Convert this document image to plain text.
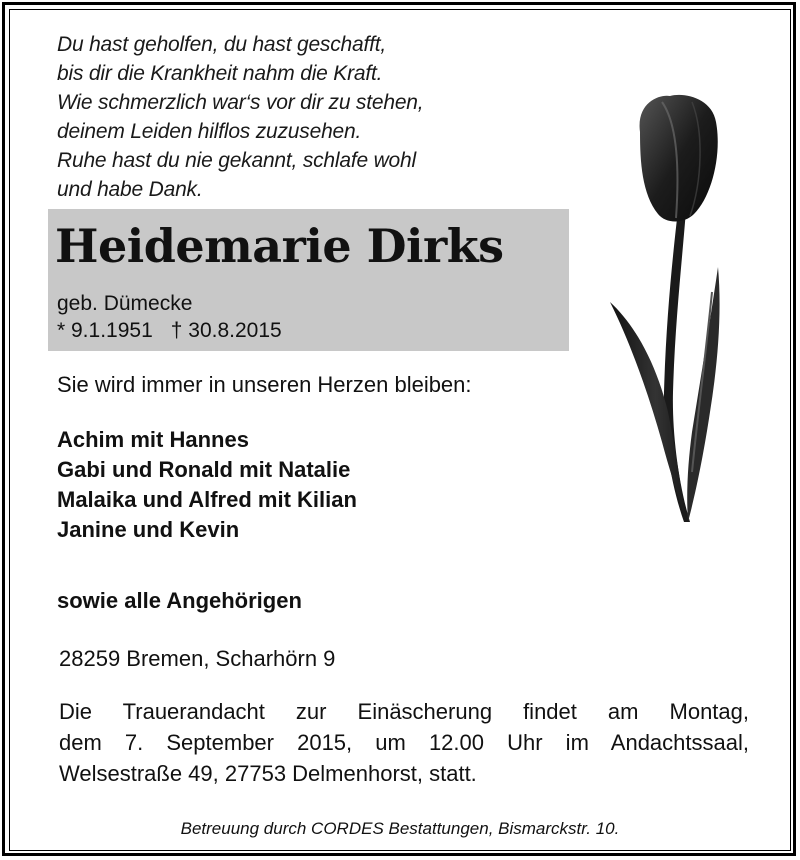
Du hast geholfen, du hast geschafft,
bis dir die Krankheit nahm die Kraft.
Wie schmerzlich war‘s vor dir zu stehen,
deinem Leiden hilflos zuzusehen.
Ruhe hast du nie gekannt, schlafe wohl
und habe Dank.
Heidemarie Dirks
geb. Dümecke
* 9.1.1951 † 30.8.2015
Sie wird immer in unseren Herzen bleiben:
Achim mit Hannes
Gabi und Ronald mit Natalie
Malaika und Alfred mit Kilian
Janine und Kevin
sowie alle Angehörigen
28259 Bremen, Scharhörn 9
Die Trauerandacht zur Einäscherung findet am Montag,
dem 7. September 2015, um 12.00 Uhr im Andachtssaal,
Welsestraße 49, 27753 Delmenhorst, statt.
Betreuung durch CORDES Bestattungen, Bismarckstr. 10.
